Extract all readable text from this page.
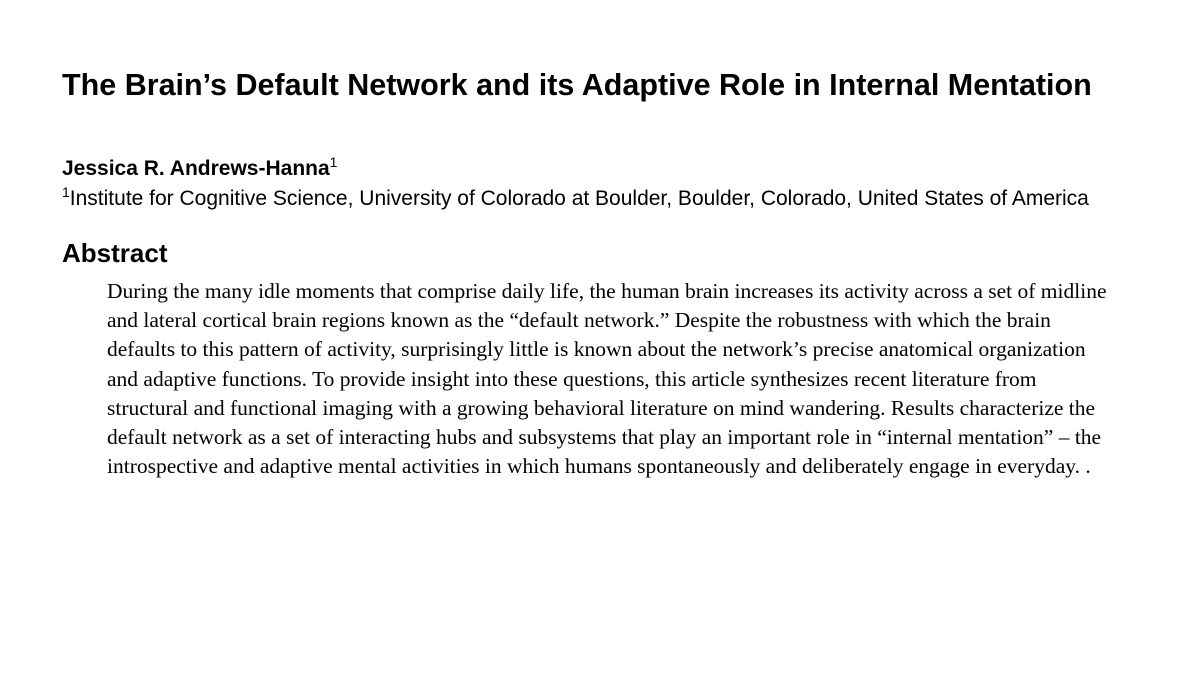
The Brain’s Default Network and its Adaptive Role in Internal Mentation
Jessica R. Andrews-Hanna$^1$
$^1$Institute for Cognitive Science, University of Colorado at Boulder, Boulder, Colorado, United States of America
Abstract

During the many idle moments that comprise daily life, the human brain increases its activity across a set of midline and lateral cortical brain regions known as the “default network.” Despite the robustness with which the brain defaults to this pattern of activity, surprisingly little is known about the network’s precise anatomical organization and adaptive functions. To provide insight into these questions, this article synthesizes recent literature from structural and functional imaging with a growing behavioral literature on mind wandering. Results characterize the default network as a set of interacting hubs and subsystems that play an important role in “internal mentation” – the introspective and adaptive mental activities in which humans spontaneously and deliberately engage in everyday. .
